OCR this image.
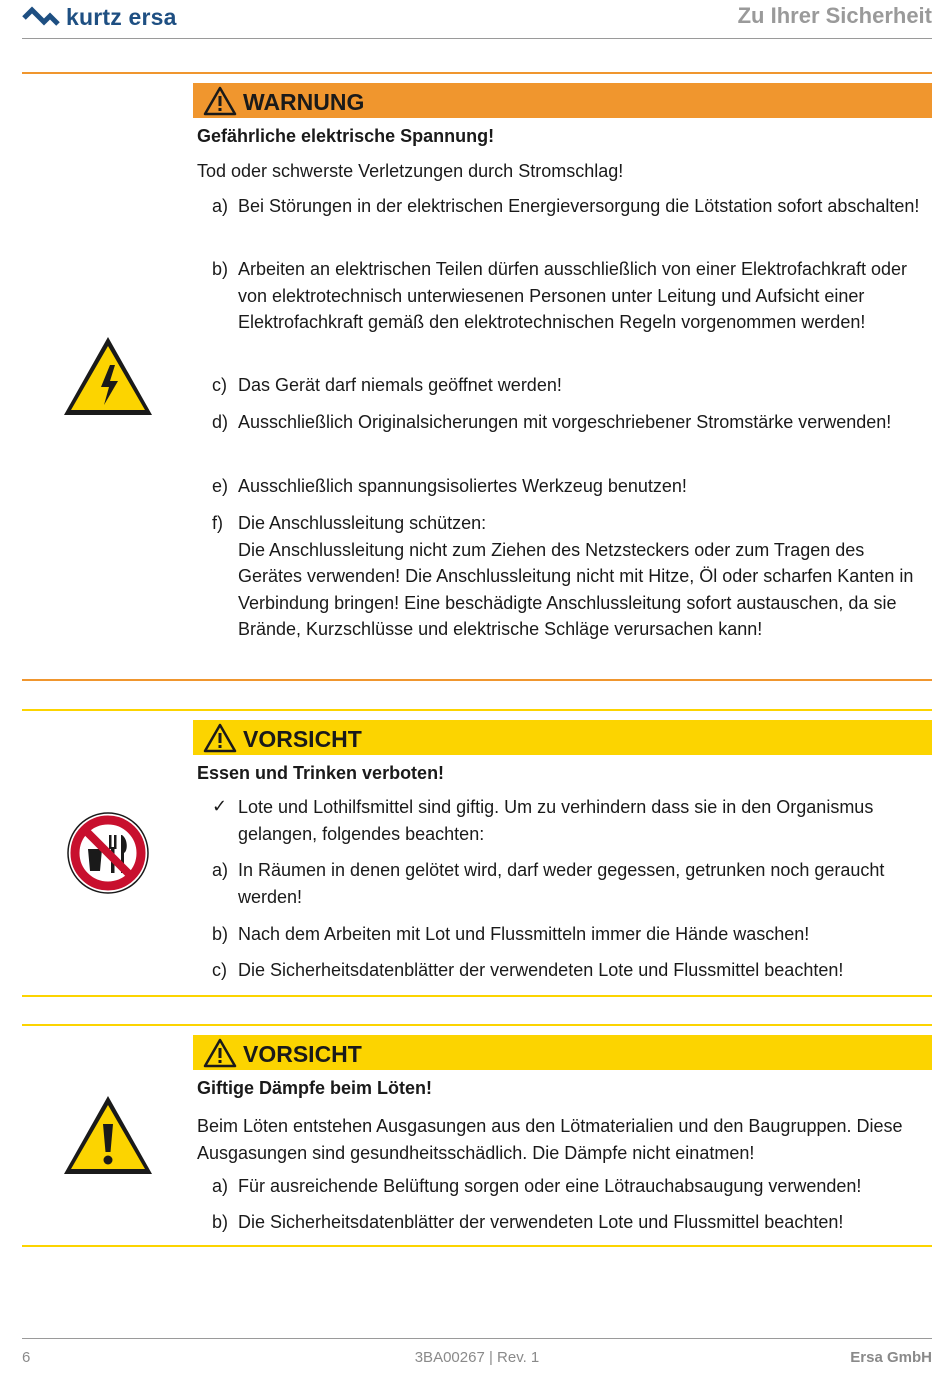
kurtz ersa	Zu Ihrer Sicherheit
WARNUNG
Gefährliche elektrische Spannung!
Tod oder schwerste Verletzungen durch Stromschlag!
a) Bei Störungen in der elektrischen Energieversorgung die Lötstation sofort abschalten!
b) Arbeiten an elektrischen Teilen dürfen ausschließlich von einer Elektrofachkraft oder von elektrotechnisch unterwiesenen Personen unter Leitung und Aufsicht einer Elektrofachkraft gemäß den elektrotechnischen Regeln vorgenommen werden!
c) Das Gerät darf niemals geöffnet werden!
d) Ausschließlich Originalsicherungen mit vorgeschriebener Stromstärke verwenden!
e) Ausschließlich spannungsisoliertes Werkzeug benutzen!
f) Die Anschlussleitung schützen:
Die Anschlussleitung nicht zum Ziehen des Netzsteckers oder zum Tragen des Gerätes verwenden! Die Anschlussleitung nicht mit Hitze, Öl oder scharfen Kanten in Verbindung bringen! Eine beschädigte Anschlussleitung sofort austauschen, da sie Brände, Kurzschlüsse und elektrische Schläge verursachen kann!
VORSICHT
Essen und Trinken verboten!
✓ Lote und Lothilfsmittel sind giftig. Um zu verhindern dass sie in den Organismus gelangen, folgendes beachten:
a) In Räumen in denen gelötet wird, darf weder gegessen, getrunken noch geraucht werden!
b) Nach dem Arbeiten mit Lot und Flussmitteln immer die Hände waschen!
c) Die Sicherheitsdatenblätter der verwendeten Lote und Flussmittel beachten!
VORSICHT
Giftige Dämpfe beim Löten!
Beim Löten entstehen Ausgasungen aus den Lötmaterialien und den Baugruppen. Diese Ausgasungen sind gesundheitsschädlich. Die Dämpfe nicht einatmen!
a) Für ausreichende Belüftung sorgen oder eine Lötrauchabsaugung verwenden!
b) Die Sicherheitsdatenblätter der verwendeten Lote und Flussmittel beachten!
6	3BA00267 | Rev. 1	Ersa GmbH
